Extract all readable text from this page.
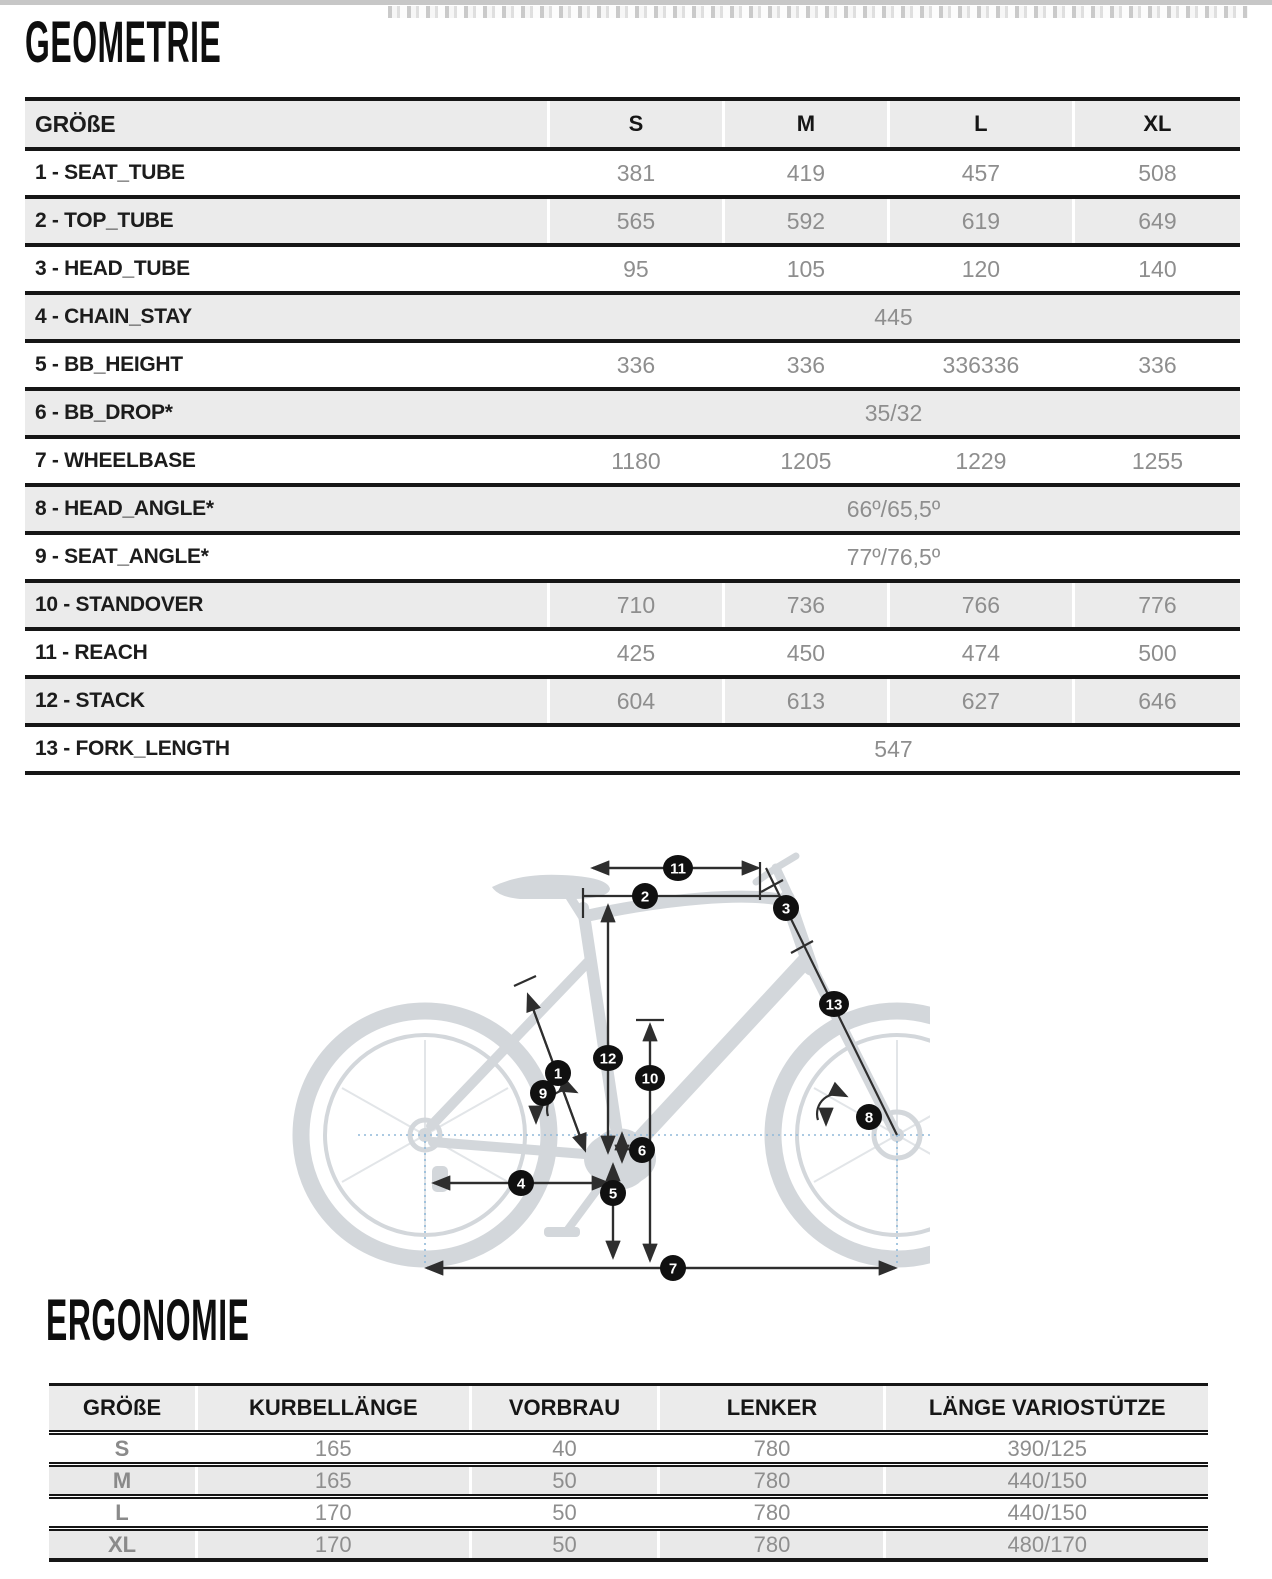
GEOMETRIE
GRÖßE	S	M	L	XL
1 - SEAT_TUBE	381	419	457	508
2 - TOP_TUBE	565	592	619	649
3 - HEAD_TUBE	95	105	120	140
4 - CHAIN_STAY	445
5 - BB_HEIGHT	336	336	336336	336
6 - BB_DROP*	35/32
7 - WHEELBASE	1180	1205	1229	1255
8 - HEAD_ANGLE*	66º/65,5º
9 - SEAT_ANGLE*	77º/76,5º
10 - STANDOVER	710	736	766	776
11 - REACH	425	450	474	500
12 - STACK	604	613	627	646
13 - FORK_LENGTH	547
1
2
3
4
5
6
7
8
9
10
11
12
13
ERGONOMIE
GRÖßE	KURBELLÄNGE	VORBRAU	LENKER	LÄNGE VARIOSTÜTZE
S	165	40	780	390/125
M	165	50	780	440/150
L	170	50	780	440/150
XL	170	50	780	480/170
